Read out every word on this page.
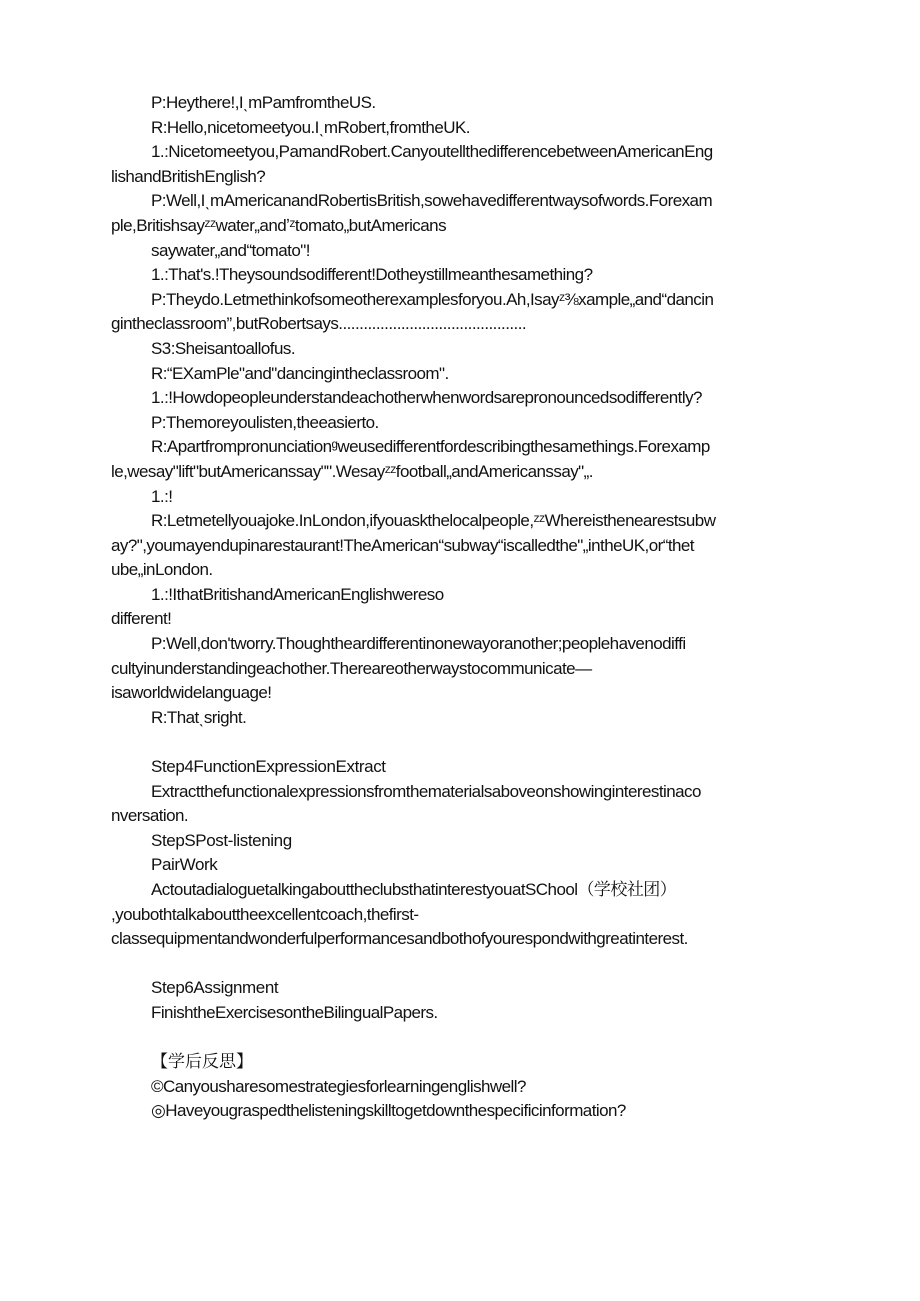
P:Heythere!,IˎmPamfromtheUS.
R:Hello,nicetomeetyou.IˎmRobert,fromtheUK.
1.:Nicetomeetyou,PamandRobert.CanyoutellthedifferencebetweenAmericanEng
lishandBritishEnglish?
P:Well,IˎmAmericanandRobertisBritish,sowehavedifferentwaysofwords.Forexam
ple,Britishsayᶻᶻwater„andʼᶻtomato„butAmericans
saywater„and“tomato"!
1.:That's.!Theysoundsodifferent!Dotheystillmeanthesamething?
P:Theydo.Letmethinkofsomeotherexamplesforyou.Ah,Isayᶻ⅜xample„and“dancin
gintheclassroom”,butRobertsays.............................................
S3:Sheisantoallofus.
R:“EXamPle"and"dancingintheclassroom".
1.:!Howdopeopleunderstandeachotherwhenwordsarepronouncedsodifferently?
P:Themoreyoulisten,theeasierto.
R:Apartfrompronunciationᶢweusedifferentfordescribingthesamethings.Forexamp
le,wesay"lift"butAmericanssay"".Wesayᶻᶻfootball„andAmericanssay"„.
1.:!
R:Letmetellyouajoke.InLondon,ifyouaskthelocalpeople,ᶻᶻWhereisthenearestsubw
ay?",youmayendupinarestaurant!TheAmerican“subway“iscalledthe"„intheUK,or“thet
ube„inLondon.
1.:!IthatBritishandAmericanEnglishwereso
different!
P:Well,don'tworry.Thoughtheardifferentinonewayoranother;peoplehavenodiffi
cultyinunderstandingeachother.Thereareotherwaystocommunicate—
isaworldwidelanguage!
R:Thatˎsright.
Step4FunctionExpressionExtract
Extractthefunctionalexpressionsfromthematerialsaboveonshowinginterestinaco
nversation.
StepSPost-listening
PairWork
ActoutadialoguetalkingabouttheclubsthatinterestyouatSChool（学校社团）
,youbothtalkabouttheexcellentcoach,thefirst-
classequipmentandwonderfulperformancesandbothofyourespondwithgreatinterest.
Step6Assignment
FinishtheExercisesontheBilingualPapers.
【学后反思】
©Canyousharesomestrategiesforlearningenglishwell?
◎Haveyougraspedthelisteningskilltogetdownthespecificinformation?
